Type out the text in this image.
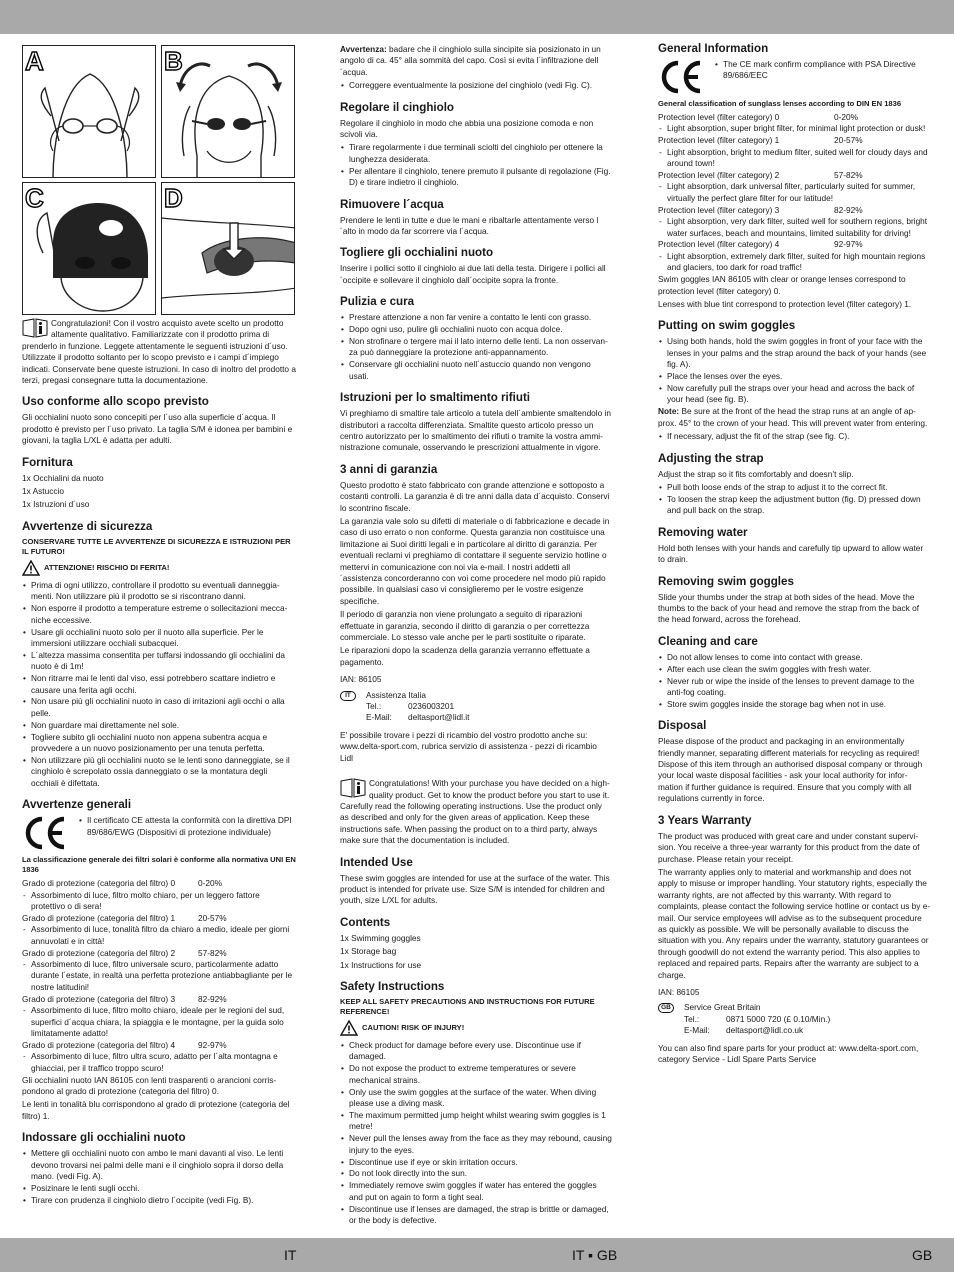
A	B
C	D

Congratulazioni! Con il vostro acquisto avete scelto un prodotto altamente qualitativo. Familiarizzate con il prodotto prima di prenderlo in funzione. Leggete attentamente le seguenti istruzioni d´uso. Utilizzate il prodotto soltanto per lo scopo previsto e i campi d´impiego indicati. Conservate bene queste istruzioni. In caso di inoltro del prodotto a terzi, pregasi consegnare tutta la documentazione.

Uso conforme allo scopo previsto

Gli occhialini nuoto sono concepiti per l´uso alla superficie d´acqua. Il prodotto è previsto per l´uso privato. La taglia S/M è idonea per bambini e giovani, la taglia L/XL è adatta per adulti.

Fornitura

1x Occhialini da nuoto

1x Astuccio

1x Istruzioni d´uso

Avvertenze di sicurezza
CONSERVARE TUTTE LE AVVERTENZE DI SICUREZZA E ISTRUZIONI PER IL FUTURO!
ATTENZIONE! RISCHIO DI FERITA!
• Prima di ogni utilizzo, controllare il prodotto su eventuali danneggia-menti. Non utilizzare più il prodotto se si riscontrano danni.
• Non esporre il prodotto a temperature estreme o sollecitazioni mecca-niche eccessive.
• Usare gli occhialini nuoto solo per il nuoto alla superficie. Per le immersioni utilizzare occhiali subacquei.
• L´altezza massima consentita per tuffarsi indossando gli occhialini da nuoto è di 1m!
• Non ritrarre mai le lenti dal viso, essi potrebbero scattare indietro e causare una ferita agli occhi.
• Non usare più gli occhialini nuoto in caso di irritazioni agli occhi o alla pelle.
• Non guardare mai direttamente nel sole.
• Togliere subito gli occhialini nuoto non appena subentra acqua e provvedere a un nuovo posizionamento per una tenuta perfetta.
• Non utilizzare più gli occhialini nuoto se le lenti sono danneggiate, se il cinghiolo è screpolato ossia danneggiato o se la montatura degli occhiali è difettata.
Avvertenze generali
• Il certificato CE attesta la conformità con la direttiva DPI 89/686/EWG (Dispositivi di protezione individuale)
La classificazione generale dei filtri solari è conforme alla normativa UNI EN 1836
Grado di protezione (categoria del filtro) 0	0-20%
- Assorbimento di luce, filtro molto chiaro, per un leggero fattore protettivo o di sera!
Grado di protezione (categoria del filtro) 1	20-57%
- Assorbimento di luce, tonalità filtro da chiaro a medio, ideale per giorni annuvolati e in città!
Grado di protezione (categoria del filtro) 2	57-82%
- Assorbimento di luce, filtro universale scuro, particolarmente adatto durante l´estate, in realtà una perfetta protezione antiabbagliante per le nostre latitudini!
Grado di protezione (categoria del filtro) 3	82-92%
- Assorbimento di luce, filtro molto chiaro, ideale per le regioni del sud, superfici d´acqua chiara, la spiaggia e le montagne, per la guida solo limitatamente adatto!
Grado di protezione (categoria del filtro) 4	92-97%
- Assorbimento di luce, filtro ultra scuro, adatto per l´alta montagna e ghiacciai, per il traffico troppo scuro!

Gli occhialini nuoto IAN 86105 con lenti trasparenti o arancioni corris-pondono al grado di protezione (categoria del filtro) 0.

Le lenti in tonalità blu corrispondono al grado di protezione (categoria del filtro) 1.

Indossare gli occhialini nuoto
• Mettere gli occhialini nuoto con ambo le mani davanti al viso. Le lenti devono trovarsi nei palmi delle mani e il cinghiolo sopra il dorso della mano. (vedi Fig. A).
• Posizinare le lenti sugli occhi.
• Tirare con prudenza il cinghiolo dietro l´occipite (vedi Fig. B).

Avvertenza: badare che il cinghiolo sulla sincipite sia posizionato in un angolo di ca. 45° alla sommità del capo. Così si evita l´infiltrazione dell´acqua.

• Correggere eventualmente la posizione del cinghiolo (vedi Fig. C).
Regolare il cinghiolo

Regolare il cinghiolo in modo che abbia una posizione comoda e non scivoli via.

• Tirare regolarmente i due terminali sciolti del cinghiolo per ottenere la lunghezza desiderata.
• Per allentare il cinghiolo, tenere premuto il pulsante di regolazione (Fig. D) e tirare indietro il cinghiolo.
Rimuovere l´acqua

Prendere le lenti in tutte e due le mani e ribaltarle attentamente verso l´alto in modo da far scorrere via l´acqua.

Togliere gli occhialini nuoto

Inserire i pollici sotto il cinghiolo ai due lati della testa. Dirigere i pollici all´occipite e sollevare il cinghiolo dall´occipite sopra la fronte.

Pulizia e cura
• Prestare attenzione a non far venire a contatto le lenti con grasso.
• Dopo ogni uso, pulire gli occhialini nuoto con acqua dolce.
• Non strofinare o tergere mai il lato interno delle lenti. La non osservan-za può danneggiare la protezione anti-appannamento.
• Conservare gli occhialini nuoto nell´astuccio quando non vengono usati.
Istruzioni per lo smaltimento rifiuti

Vi preghiamo di smaltire tale articolo a tutela dell´ambiente smaltendolo in distributori a raccolta differenziata. Smaltite questo articolo presso un centro autorizzato per lo smaltimento dei rifiuti o tramite la vostra ammi-nistrazione comunale, osservando le prescrizioni attualmente in vigore.

3 anni di garanzia

Questo prodotto è stato fabbricato con grande attenzione e sottoposto a costanti controlli. La garanzia è di tre anni dalla data d´acquisto. Conservi lo scontrino fiscale.

La garanzia vale solo su difetti di materiale o di fabbricazione e decade in caso di uso errato o non conforme. Questa garanzia non costituisce una limitazione ai Suoi diritti legali e in particolare al diritto di garanzia. Per eventuali reclami vi preghiamo di contattare il seguente servizio hotline o mettervi in comunicazione con noi via e-mail. I nostri addetti all´assistenza concorderanno con voi come procedere nel modo più rapido possibile. In qualsiasi caso vi consiglieremo per le vostre esigenze specifiche.

Il periodo di garanzia non viene prolungato a seguito di riparazioni effettuate in garanzia, secondo il diritto di garanzia o per correttezza commerciale. Lo stesso vale anche per le parti sostituite o riparate.

Le riparazioni dopo la scadenza della garanzia verranno effettuate a pagamento.

IAN: 86105

IT	Assistenza Italia
Tel.:	0236003201
E-Mail:	deltasport@lidl.it

E' possibile trovare i pezzi di ricambio del vostro prodotto anche su: www.delta-sport.com, rubrica servizio di assistenza - pezzi di ricambio Lidl

Congratulations! With your purchase you have decided on a high-quality product. Get to know the product before you start to use it. Carefully read the following operating instructions. Use the product only as described and only for the given areas of application. Keep these instructions safe. When passing the product on to a third party, always make sure that the documentation is included.

Intended Use

These swim goggles are intended for use at the surface of the water. This product is intended for private use. Size S/M is intended for children and youth, size L/XL for adults.

Contents

1x Swimming goggles

1x Storage bag

1x Instructions for use

Safety Instructions
KEEP ALL SAFETY PRECAUTIONS AND INSTRUCTIONS FOR FUTURE REFERENCE!
CAUTION! RISK OF INJURY!
• Check product for damage before every use. Discontinue use if damaged.
• Do not expose the product to extreme temperatures or severe mechanical strains.
• Only use the swim goggles at the surface of the water. When diving please use a diving mask.
• The maximum permitted jump height whilst wearing swim goggles is 1 metre!
• Never pull the lenses away from the face as they may rebound, causing injury to the eyes.
• Discontinue use if eye or skin irritation occurs.
• Do not look directly into the sun.
• Immediately remove swim goggles if water has entered the goggles and put on again to form a tight seal.
• Discontinue use if lenses are damaged, the strap is brittle or damaged, or the body is defective.
General Information
• The CE mark confirm compliance with PSA Directive 89/686/EEC
General classification of sunglass lenses according to DIN EN 1836
Protection level (filter category) 0	0-20%
- Light absorption, super bright filter, for minimal light protection or dusk!
Protection level (filter category) 1	20-57%
- Light absorption, bright to medium filter, suited well for cloudy days and around town!
Protection level (filter category) 2	57-82%
- Light absorption, dark universal filter, particularly suited for summer, virtually the perfect glare filter for our latitude!
Protection level (filter category) 3	82-92%
- Light absorption, very dark filter, suited well for southern regions, bright water surfaces, beach and mountains, limited suitability for driving!
Protection level (filter category) 4	92-97%
- Light absorption, extremely dark filter, suited for high mountain regions and glaciers, too dark for road traffic!

Swim goggles IAN 86105 with clear or orange lenses correspond to protection level (filter category) 0.

Lenses with blue tint correspond to protection level (filter category) 1.

Putting on swim goggles
• Using both hands, hold the swim goggles in front of your face with the lenses in your palms and the strap around the back of your hands (see fig. A).
• Place the lenses over the eyes.
• Now carefully pull the straps over your head and across the back of your head (see fig. B).

Note: Be sure at the front of the head the strap runs at an angle of ap-prox. 45° to the crown of your head. This will prevent water from entering.

• If necessary, adjust the fit of the strap (see fig. C).
Adjusting the strap

Adjust the strap so it fits comfortably and doesn’t slip.

• Pull both loose ends of the strap to adjust it to the correct fit.
• To loosen the strap keep the adjustment button (fig. D) pressed down and pull back on the strap.
Removing water

Hold both lenses with your hands and carefully tip upward to allow water to drain.

Removing swim goggles

Slide your thumbs under the strap at both sides of the head. Move the thumbs to the back of your head and remove the strap from the back of the head forward, across the forehead.

Cleaning and care
• Do not allow lenses to come into contact with grease.
• After each use clean the swim goggles with fresh water.
• Never rub or wipe the inside of the lenses to prevent damage to the anti-fog coating.
• Store swim goggles inside the storage bag when not in use.
Disposal

Please dispose of the product and packaging in an environmentally friendly manner, separating different materials for recycling as required! Dispose of this item through an authorised disposal company or through your local waste disposal facilities - ask your local authority for infor-mation if further guidance is required. Ensure that you comply with all regulations currently in force.

3 Years Warranty

The product was produced with great care and under constant supervi-sion. You receive a three-year warranty for this product from the date of purchase. Please retain your receipt.

The warranty applies only to material and workmanship and does not apply to misuse or improper handling. Your statutory rights, especially the warranty rights, are not affected by this warranty. With regard to complaints, please contact the following service hotline or contact us by e-mail. Our service employees will advise as to the subsequent procedure as quickly as possible. We will be personally available to discuss the situation with you. Any repairs under the warranty, statutory guarantees or through goodwill do not extend the warranty period. This also applies to replaced and repaired parts. Repairs after the warranty are subject to a charge.

IAN: 86105

GB	Service Great Britain
Tel.:	0871 5000 720 (£ 0.10/Min.)
E-Mail:	deltasport@lidl.co.uk

You can also find spare parts for your product at: www.delta-sport.com, category Service - Lidl Spare Parts Service

IT	IT ▪ GB	GB
